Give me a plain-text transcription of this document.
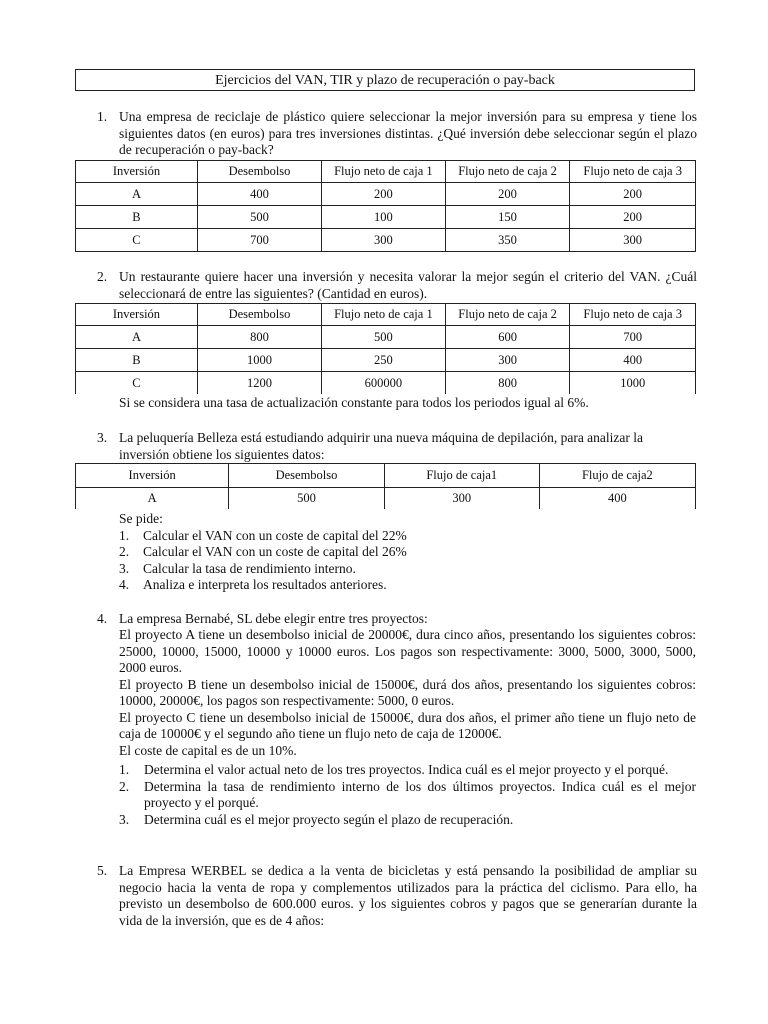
Ejercicios del VAN, TIR y plazo de recuperación o pay-back
1. Una empresa de reciclaje de plástico quiere seleccionar la mejor inversión para su empresa y tiene los siguientes datos (en euros) para tres inversiones distintas. ¿Qué inversión debe seleccionar según el plazo de recuperación o pay-back?

Inversión	Desembolso	Flujo neto de caja 1	Flujo neto de caja 2	Flujo neto de caja 3
A	400	200	200	200
B	500	100	150	200
C	700	300	350	300
2. Un restaurante quiere hacer una inversión y necesita valorar la mejor según el criterio del VAN. ¿Cuál seleccionará de entre las siguientes? (Cantidad en euros).

Inversión	Desembolso	Flujo neto de caja 1	Flujo neto de caja 2	Flujo neto de caja 3
A	800	500	600	700
B	1000	250	300	400
C	1200	600000	800	1000
Si se considera una tasa de actualización constante para todos los periodos igual al 6%.
3. La peluquería Belleza está estudiando adquirir una nueva máquina de depilación, para analizar la inversión obtiene los siguientes datos:

Inversión	Desembolso	Flujo de caja1	Flujo de caja2
A	500	300	400
Se pide:
1. Calcular el VAN con un coste de capital del 22%
2. Calcular el VAN con un coste de capital del 26%
3. Calcular la tasa de rendimiento interno.
4. Analiza e interpreta los resultados anteriores.
4. La empresa Bernabé, SL debe elegir entre tres proyectos:

El proyecto A tiene un desembolso inicial de 20000€, dura cinco años, presentando los siguientes cobros: 25000, 10000, 15000, 10000 y 10000 euros. Los pagos son respectivamente: 3000, 5000, 3000, 5000, 2000 euros.

El proyecto B tiene un desembolso inicial de 15000€, durá dos años, presentando los siguientes cobros: 10000, 20000€, los pagos son respectivamente: 5000, 0 euros.

El proyecto C tiene un desembolso inicial de 15000€, dura dos años, el primer año tiene un flujo neto de caja de 10000€ y el segundo año tiene un flujo neto de caja de 12000€.

El coste de capital es de un 10%.

1. Determina el valor actual neto de los tres proyectos. Indica cuál es el mejor proyecto y el porqué.
2. Determina la tasa de rendimiento interno de los dos últimos proyectos. Indica cuál es el mejor proyecto y el porqué.
3. Determina cuál es el mejor proyecto según el plazo de recuperación.
5. La Empresa WERBEL se dedica a la venta de bicicletas y está pensando la posibilidad de ampliar su negocio hacia la venta de ropa y complementos utilizados para la práctica del ciclismo. Para ello, ha previsto un desembolso de 600.000 euros. y los siguientes cobros y pagos que se generarían durante la vida de la inversión, que es de 4 años:
